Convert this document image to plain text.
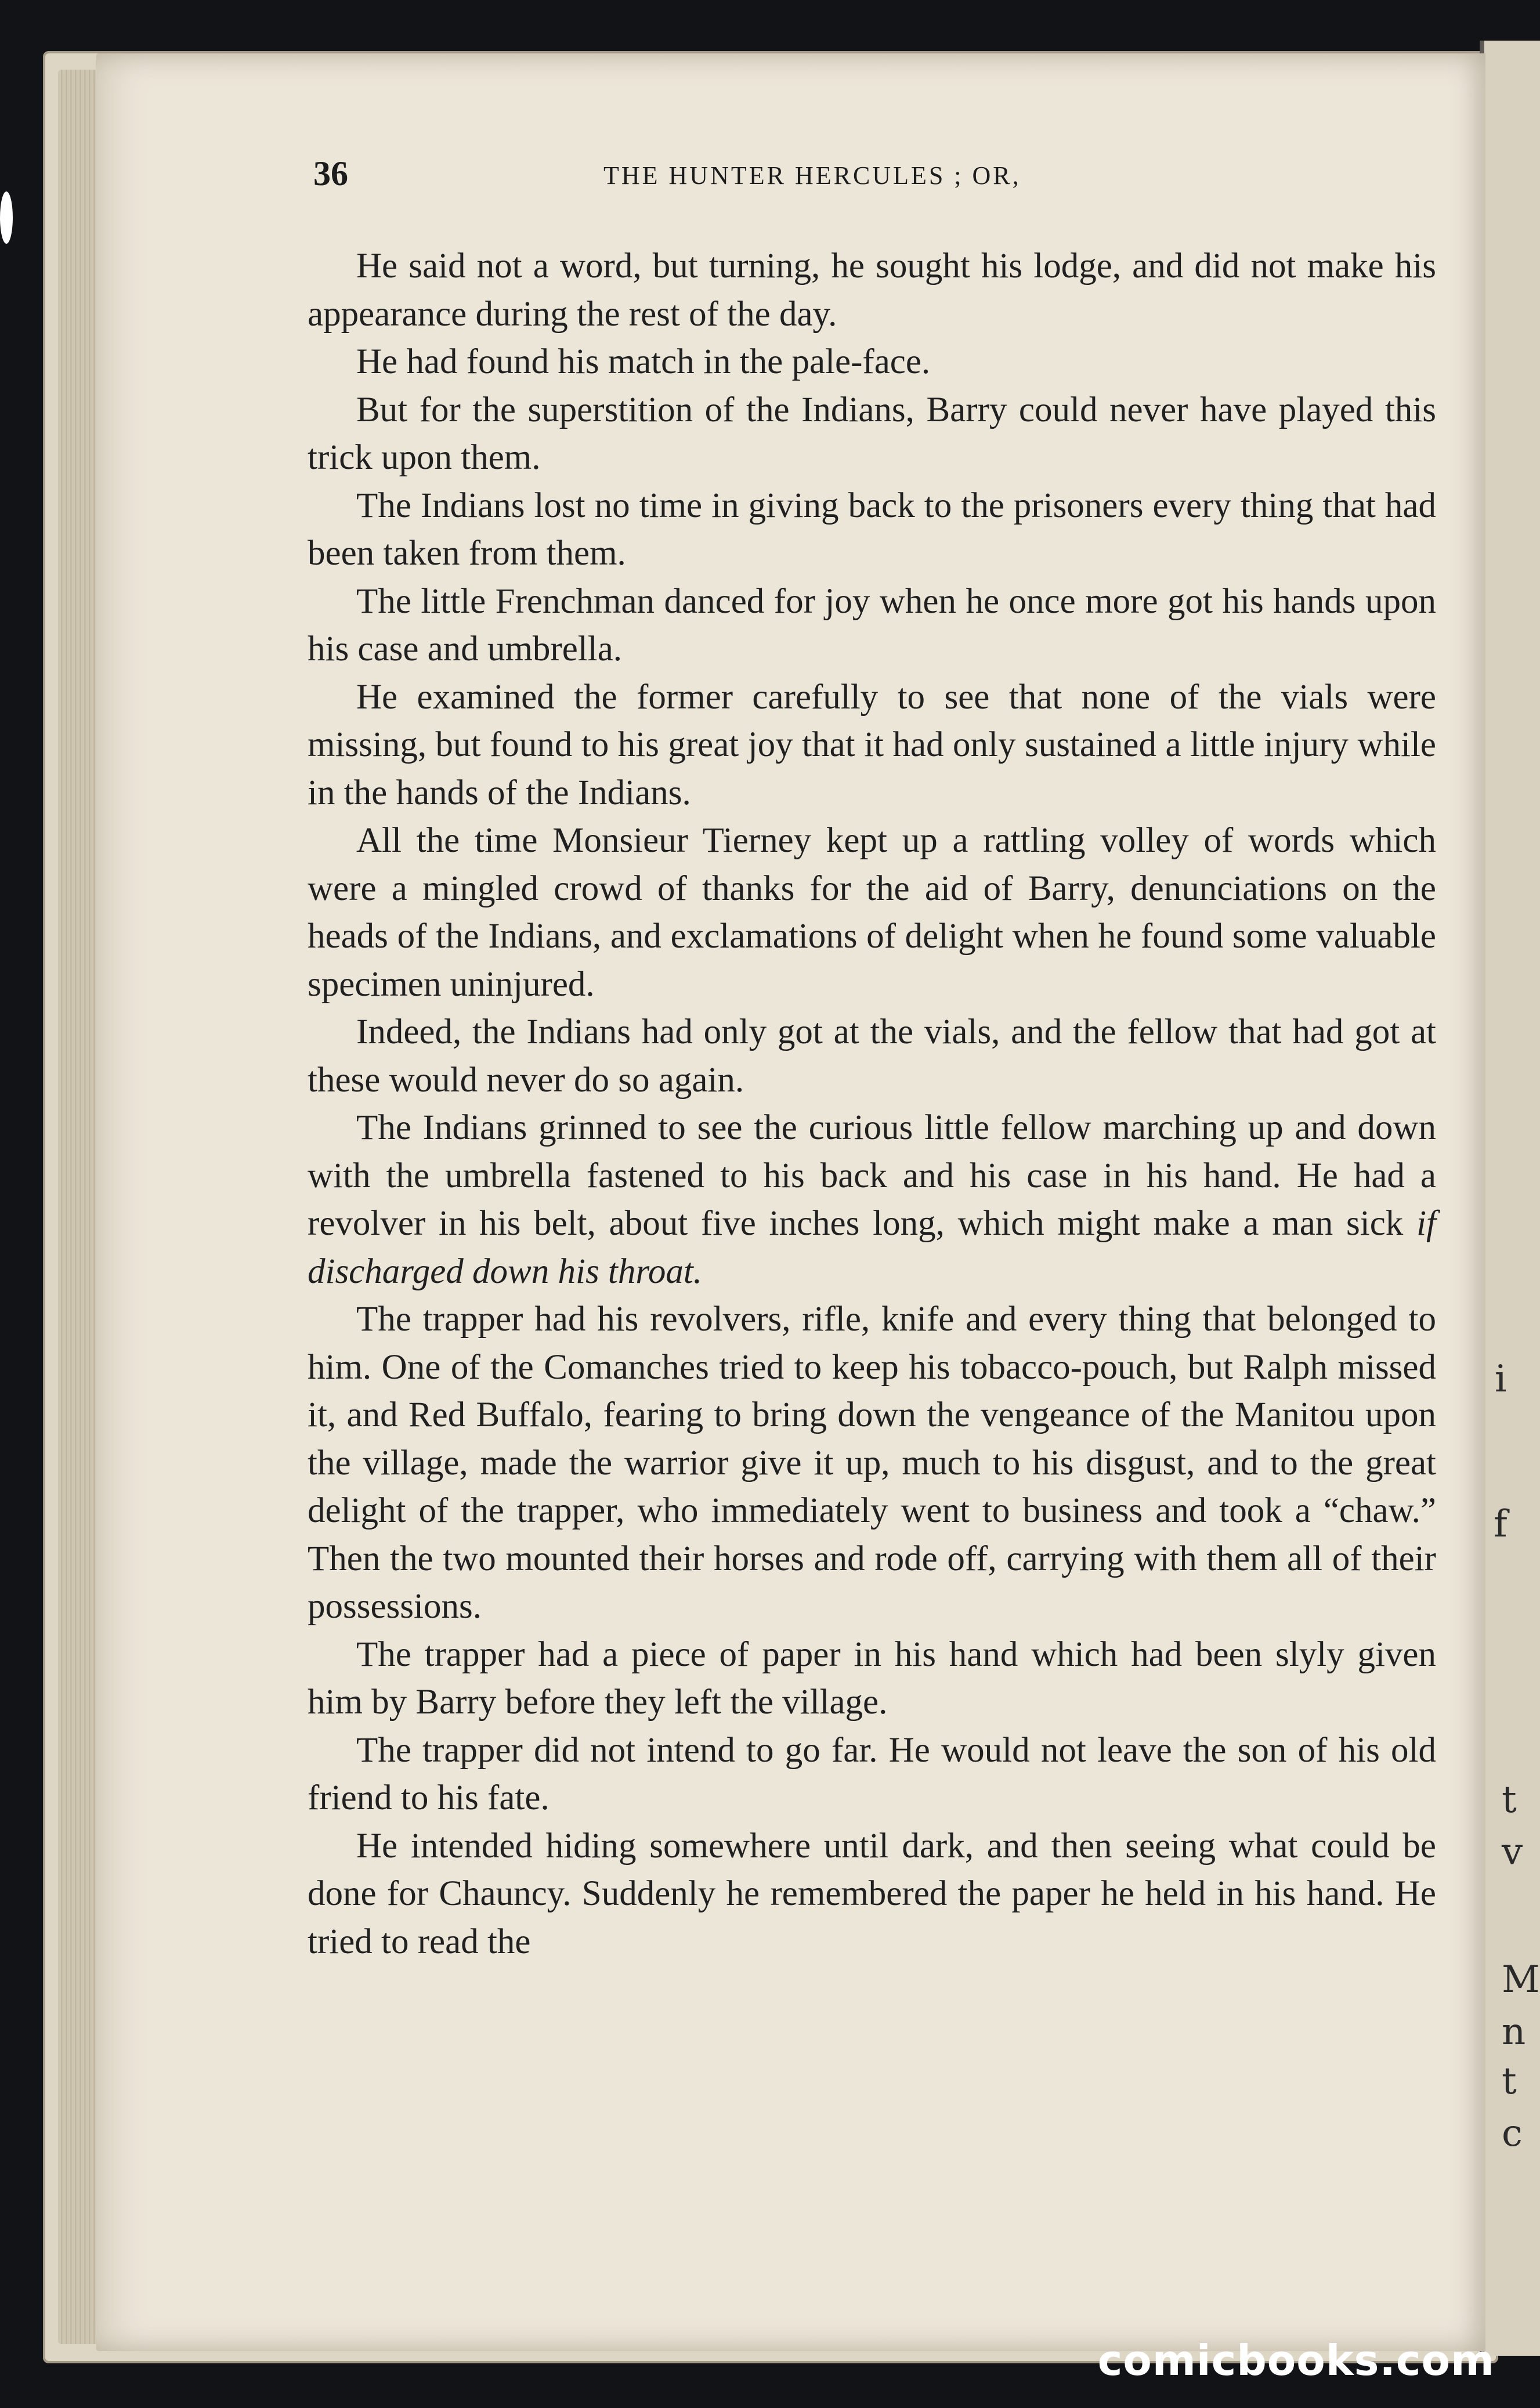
i
f
t
v
M
n
t
c
36	THE HUNTER HERCULES ; OR,

He said not a word, but turning, he sought his lodge, and did not make his appearance during the rest of the day.

He had found his match in the pale-face.

But for the superstition of the Indians, Barry could never have played this trick upon them.

The Indians lost no time in giving back to the prisoners every thing that had been taken from them.

The little Frenchman danced for joy when he once more got his hands upon his case and umbrella.

He examined the former carefully to see that none of the vials were missing, but found to his great joy that it had only sustained a little injury while in the hands of the Indians.

All the time Monsieur Tierney kept up a rattling volley of words which were a mingled crowd of thanks for the aid of Barry, denunciations on the heads of the Indians, and exclamations of delight when he found some valuable specimen uninjured.

Indeed, the Indians had only got at the vials, and the fellow that had got at these would never do so again.

The Indians grinned to see the curious little fellow marching up and down with the umbrella fastened to his back and his case in his hand. He had a revolver in his belt, about five inches long, which might make a man sick if discharged down his throat.

The trapper had his revolvers, rifle, knife and every thing that belonged to him. One of the Comanches tried to keep his tobacco-pouch, but Ralph missed it, and Red Buffalo, fearing to bring down the vengeance of the Manitou upon the village, made the warrior give it up, much to his disgust, and to the great delight of the trapper, who immediately went to business and took a “chaw.” Then the two mounted their horses and rode off, carrying with them all of their possessions.

The trapper had a piece of paper in his hand which had been slyly given him by Barry before they left the village.

The trapper did not intend to go far. He would not leave the son of his old friend to his fate.

He intended hiding somewhere until dark, and then seeing what could be done for Chauncy. Suddenly he remembered the paper he held in his hand. He tried to read the

comicbooks.com
